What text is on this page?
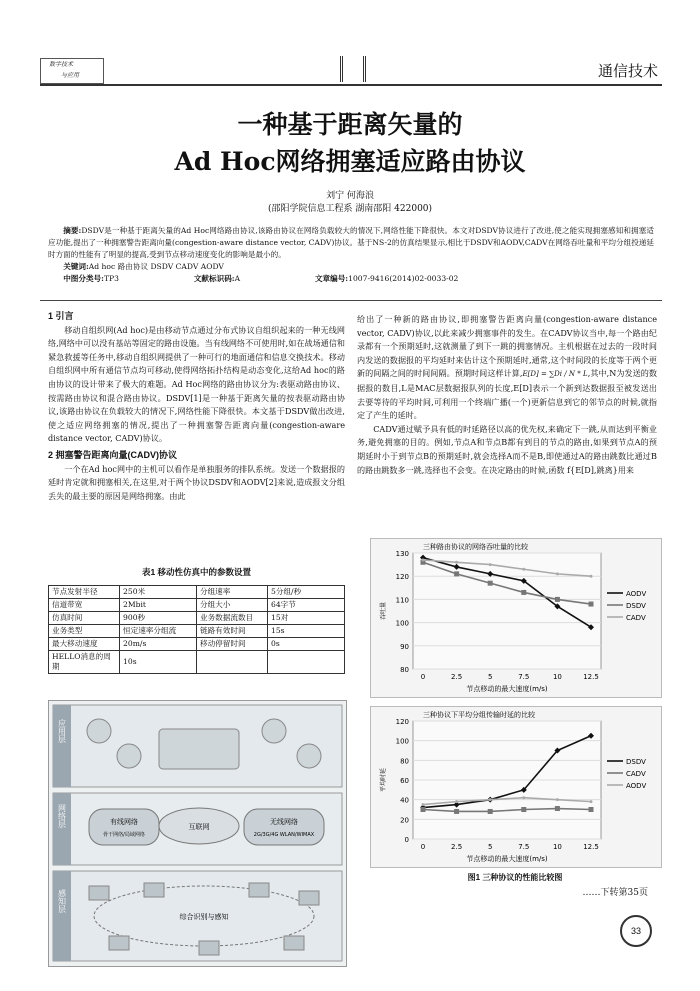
数字技术
与应用	通信技术
一种基于距离矢量的
Ad Hoc网络拥塞适应路由协议
刘宁 何海浪
(邵阳学院信息工程系 湖南邵阳 422000)
摘要:DSDV是一种基于距离矢量的Ad Hoc网络路由协议,该路由协议在网络负载较大的情况下,网络性能下降很快。本文对DSDV协议进行了改进,使之能实现拥塞感知和拥塞适应功能,提出了一种拥塞警告距离向量(congestion-aware distance vector, CADV)协议。基于NS-2的仿真结果显示,相比于DSDV和AODV,CADV在网络吞吐量和平均分组投递延时方面的性能有了明显的提高,受到节点移动速度变化的影响是最小的。
关键词:Ad hoc 路由协议 DSDV CADV AODV
中图分类号:TP3	文献标识码:A	文章编号:1007-9416(2014)02-0033-02
1 引言

移动自组织网(Ad hoc)是由移动节点通过分布式协议自组织起来的一种无线网络,网络中可以没有基站等固定的路由设施。当有线网络不可使用时,如在战场通信和紧急救援等任务中,移动自组织网提供了一种可行的地面通信和信息交换技术。移动自组织网中所有通信节点均可移动,使得网络拓扑结构是动态变化,这给Ad hoc的路由协议的设计带来了极大的难题。Ad Hoc网络的路由协议分为:表驱动路由协议、按需路由协议和混合路由协议。DSDV[1]是一种基于距离矢量的按表驱动路由协议,该路由协议在负载较大的情况下,网络性能下降很快。本文基于DSDV做出改进,使之适应网络拥塞的情况,提出了一种拥塞警告距离向量(congestion-aware distance vector, CADV)协议。

2 拥塞警告距离向量(CADV)协议

一个在Ad hoc网中的主机可以看作是单独服务的排队系统。发送一个数据报的延时肯定就和拥塞相关,在这里,对于两个协议DSDV和AODV[2]来说,造成报文分组丢失的最主要的原因是网络拥塞。由此

表1 移动性仿真中的参数设置
节点发射半径	250米	分组速率	5分组/秒
信道带宽	2Mbit	分组大小	64字节
仿真时间	900秒	业务数据流数目	15对
业务类型	恒定速率分组流	链路有效时间	15s
最大移动速度	20m/s	移动停留时间	0s
HELLO消息的周期	10s		
应用层
网络层
感知层
互联网
有线网络
骨干网络/局域网络
无线网络
2G/3G/4G WLAN/WIMAX
综合识别与感知

给出了一种新的路由协议,即拥塞警告距离向量(congestion-aware distance vector, CADV)协议,以此来减少拥塞事件的发生。在CADV协议当中,每一个路由纪录都有一个预期延时,这就测量了到下一跳的拥塞情况。主机根据在过去的一段时间内发送的数据报的平均延时来估计这个预期延时,通常,这个时间段的长度等于两个更新的间隔之间的时间间隔。预期时间这样计算,E[D] = ∑Di / N * L,其中,N为发送的数据报的数目,L是MAC层数据报队列的长度,E[D]表示一个新到达数据报至被发送出去要等待的平均时间,可利用一个终端广播(一个)更新信息到它的邻节点的时候,就指定了产生的延时。

CADV通过赋予具有低的时延路径以高的优先权,来确定下一跳,从而达到平衡业务,避免拥塞的目的。例如,节点A和节点B都有到目的节点的路由,如果到节点A的预期延时小于到节点B的预期延时,就会选择A而不是B,即使通过A的路由跳数比通过B的路由跳数多一跳,选择也不会变。在决定路由的时候,函数 f{E[D],跳离}用来

三种路由协议的网络吞吐量的比较
80
90
100
110
120
130
0	2.5	5	7.5	10	12.5
节点移动的最大速度(m/s)
吞吐量
AODV
DSDV
CADV
三种协议下平均分组传输时延的比较
0
20
40
60
80
100
120
0	2.5	5	7.5	10	12.5
节点移动的最大速度(m/s)
平均时延
DSDV
CADV
AODV
图1 三种协议的性能比较图
……下转第35页
33
